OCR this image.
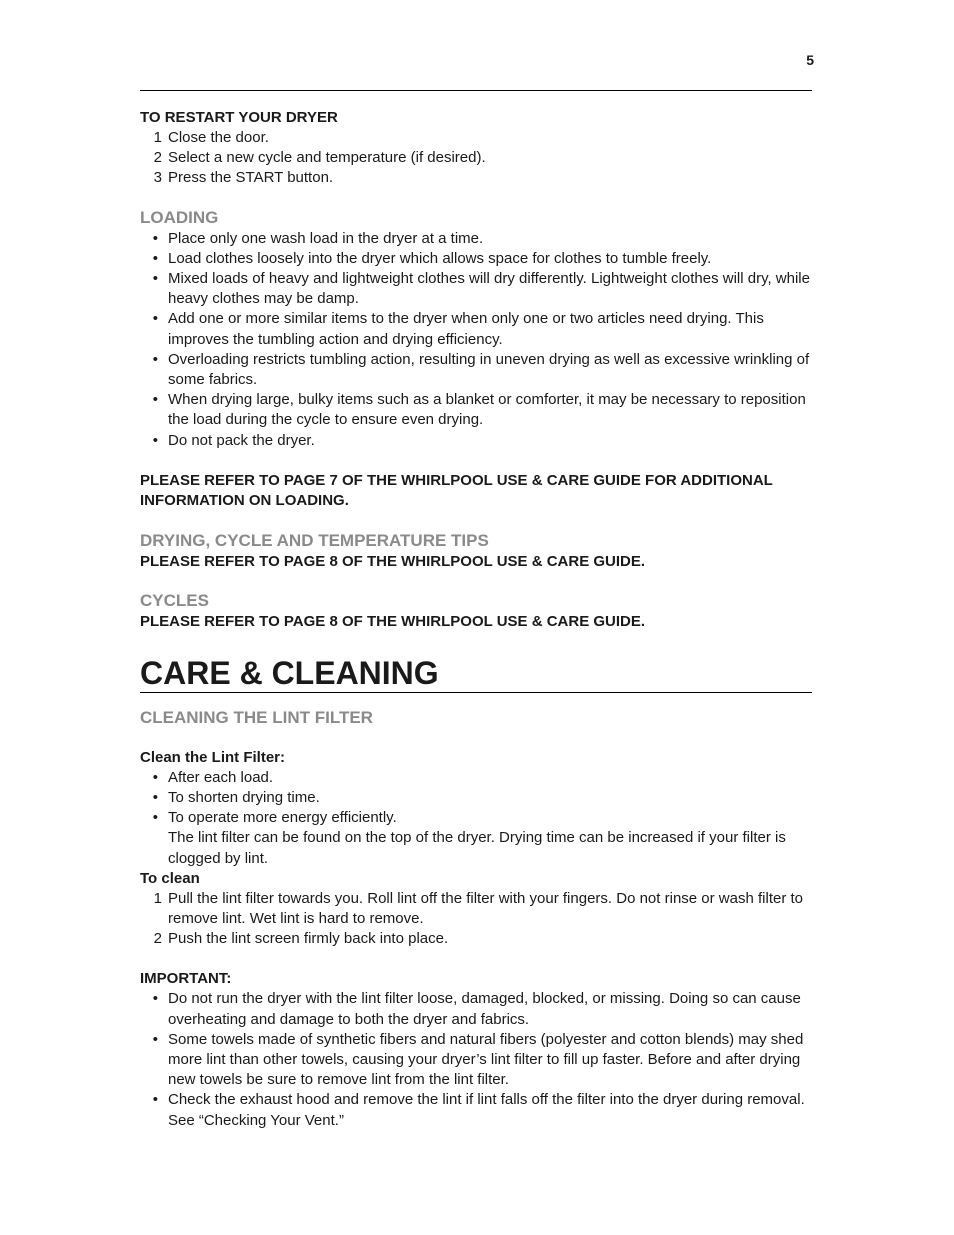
5

TO RESTART YOUR DRYER

1 Close the door.
2 Select a new cycle and temperature (if desired).
3 Press the START button.

LOADING

• Place only one wash load in the dryer at a time.
• Load clothes loosely into the dryer which allows space for clothes to tumble freely.
• Mixed loads of heavy and lightweight clothes will dry differently. Lightweight clothes will dry, while heavy clothes may be damp.
• Add one or more similar items to the dryer when only one or two articles need drying. This improves the tumbling action and drying efficiency.
• Overloading restricts tumbling action, resulting in uneven drying as well as excessive wrinkling of some fabrics.
• When drying large, bulky items such as a blanket or comforter, it may be necessary to reposition the load during the cycle to ensure even drying.
• Do not pack the dryer.

PLEASE REFER TO PAGE 7 OF THE WHIRLPOOL USE & CARE GUIDE FOR ADDITIONAL INFORMATION ON LOADING.

DRYING, CYCLE AND TEMPERATURE TIPS

PLEASE REFER TO PAGE 8 OF THE WHIRLPOOL USE & CARE GUIDE.

CYCLES

PLEASE REFER TO PAGE 8 OF THE WHIRLPOOL USE & CARE GUIDE.

CARE & CLEANING

CLEANING THE LINT FILTER

Clean the Lint Filter:

• After each load.
• To shorten drying time.
• To operate more energy efficiently.

The lint filter can be found on the top of the dryer. Drying time can be increased if your filter is clogged by lint.

To clean

1 Pull the lint filter towards you. Roll lint off the filter with your fingers. Do not rinse or wash filter to remove lint. Wet lint is hard to remove.
2 Push the lint screen firmly back into place.

IMPORTANT:

• Do not run the dryer with the lint filter loose, damaged, blocked, or missing. Doing so can cause overheating and damage to both the dryer and fabrics.
• Some towels made of synthetic fibers and natural fibers (polyester and cotton blends) may shed more lint than other towels, causing your dryer’s lint filter to fill up faster. Before and after drying new towels be sure to remove lint from the lint filter.
• Check the exhaust hood and remove the lint if lint falls off the filter into the dryer during removal. See “Checking Your Vent.”
